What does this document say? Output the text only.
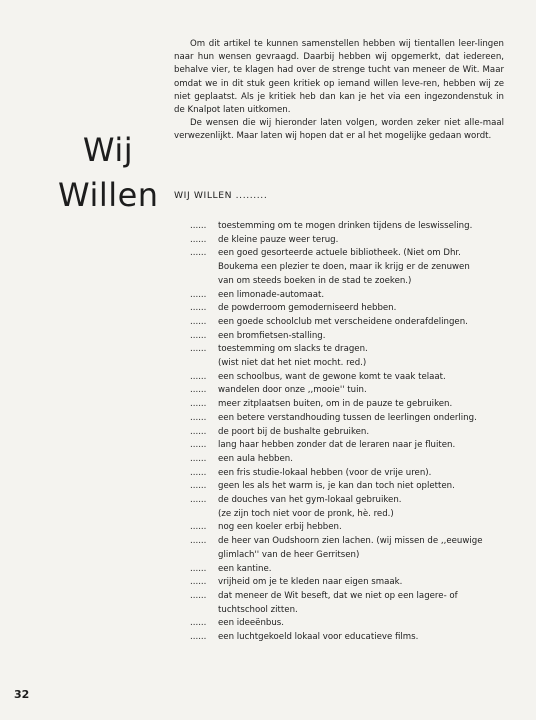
Wij
Willen

Om dit artikel te kunnen samenstellen hebben wij tientallen leer-lingen naar hun wensen gevraagd. Daarbij hebben wij opgemerkt, dat iedereen, behalve vier, te klagen had over de strenge tucht van meneer de Wit. Maar omdat we in dit stuk geen kritiek op iemand willen leve-ren, hebben wij ze niet geplaatst. Als je kritiek heb dan kan je het via een ingezondenstuk in de Knalpot laten uitkomen.

De wensen die wij hieronder laten volgen, worden zeker niet alle-maal verwezenlijkt. Maar laten wij hopen dat er al het mogelijke gedaan wordt.

WIJ WILLEN .........
......	toestemming om te mogen drinken tijdens de leswisseling.
......	de kleine pauze weer terug.
......	een goed gesorteerde actuele bibliotheek. (Niet om Dhr.
Boukema een plezier te doen, maar ik krijg er de zenuwen
van om steeds boeken in de stad te zoeken.)
......	een limonade-automaat.
......	de powderroom gemoderniseerd hebben.
......	een goede schoolclub met verscheidene onderafdelingen.
......	een bromfietsen-stalling.
......	toestemming om slacks te dragen.
(wist niet dat het niet mocht. red.)
......	een schoolbus, want de gewone komt te vaak telaat.
......	wandelen door onze ,,mooie'' tuin.
......	meer zitplaatsen buiten, om in de pauze te gebruiken.
......	een betere verstandhouding tussen de leerlingen onderling.
......	de poort bij de bushalte gebruiken.
......	lang haar hebben zonder dat de leraren naar je fluiten.
......	een aula hebben.
......	een fris studie-lokaal hebben (voor de vrije uren).
......	geen les als het warm is, je kan dan toch niet opletten.
......	de douches van het gym-lokaal gebruiken.
(ze zijn toch niet voor de pronk, hè. red.)
......	nog een koeler erbij hebben.
......	de heer van Oudshoorn zien lachen. (wij missen de ,,eeuwige
glimlach'' van de heer Gerritsen)
......	een kantine.
......	vrijheid om je te kleden naar eigen smaak.
......	dat meneer de Wit beseft, dat we niet op een lagere- of
tuchtschool zitten.
......	een ideeënbus.
......	een luchtgekoeld lokaal voor educatieve films.
32
